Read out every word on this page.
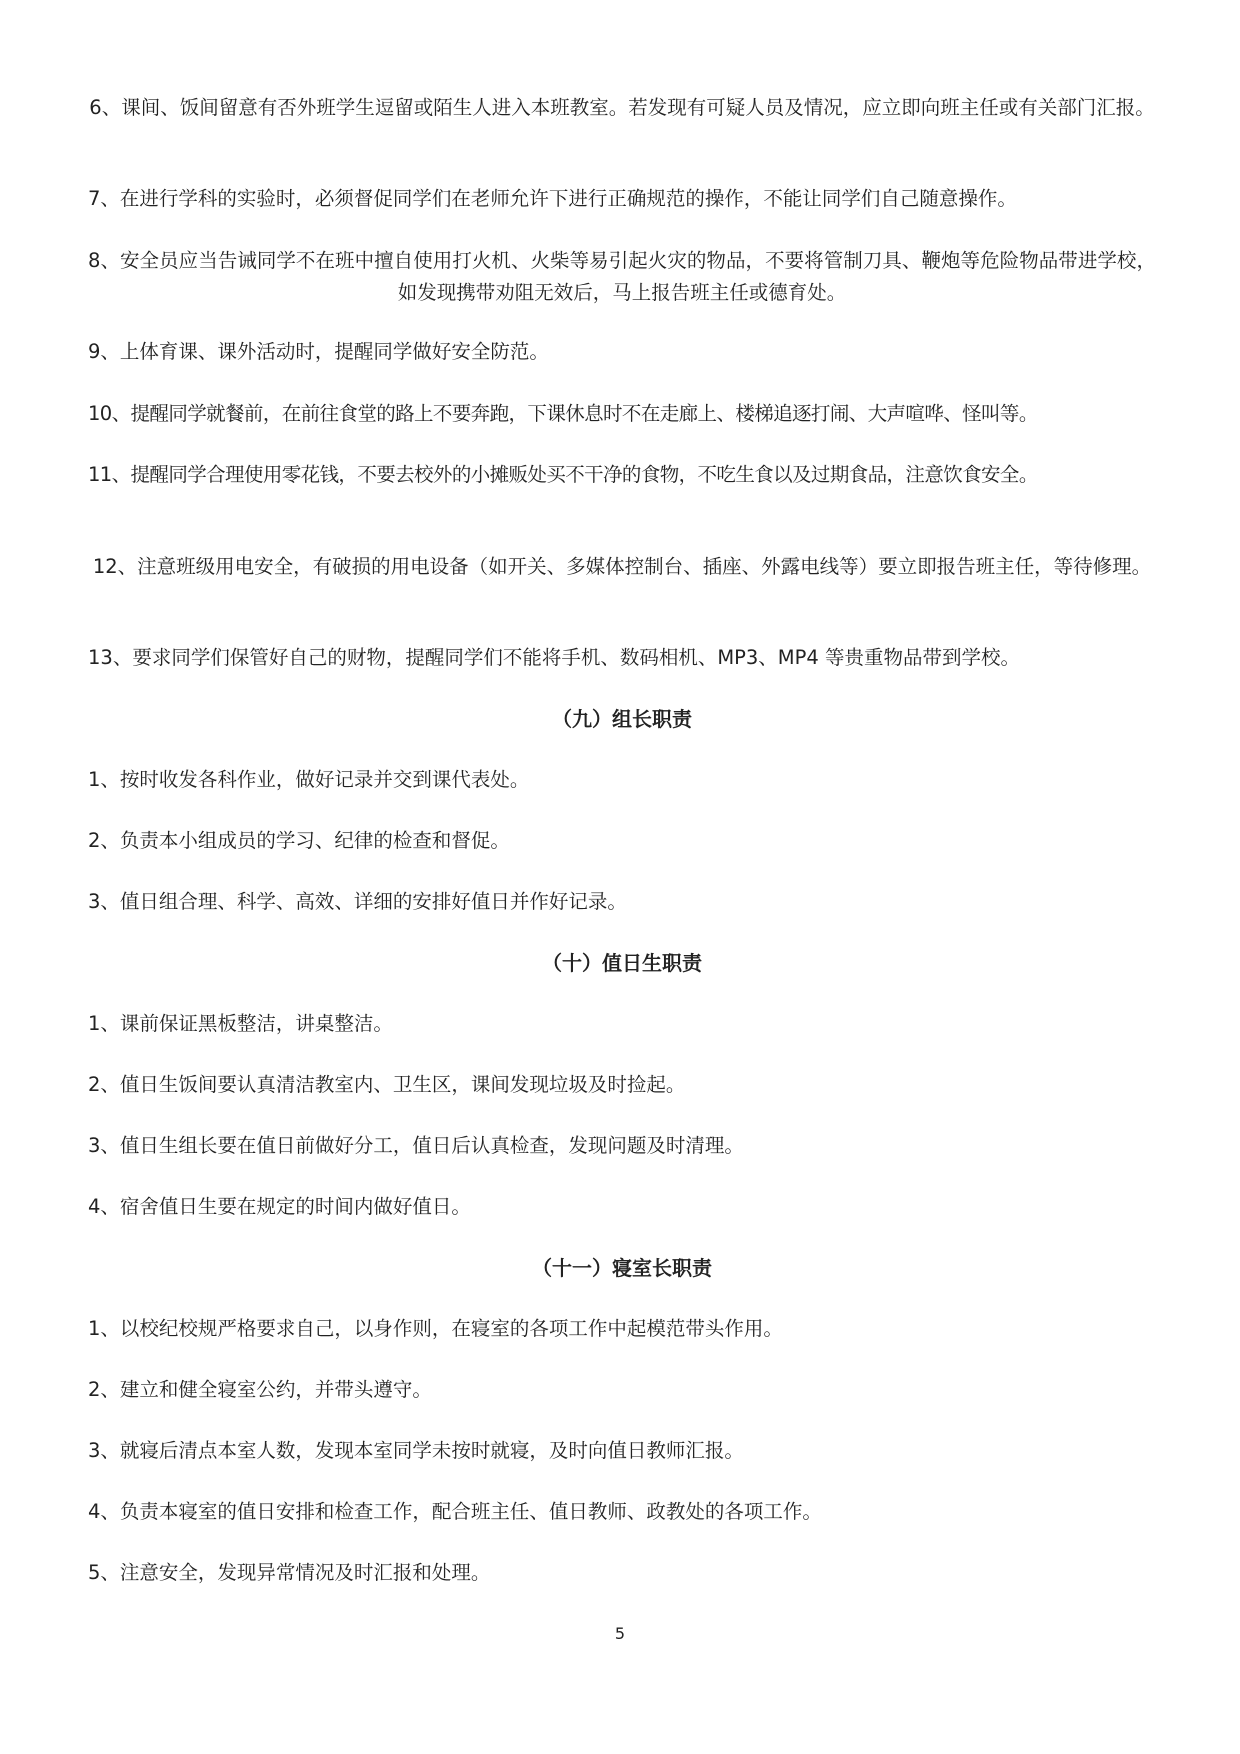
6、课间、饭间留意有否外班学生逗留或陌生人进入本班教室。若发现有可疑人员及情况，应立即向班主任或有关部门汇报。

7、在进行学科的实验时，必须督促同学们在老师允许下进行正确规范的操作，不能让同学们自己随意操作。

8、安全员应当告诫同学不在班中擅自使用打火机、火柴等易引起火灾的物品，不要将管制刀具、鞭炮等危险物品带进学校，如发现携带劝阻无效后，马上报告班主任或德育处。

9、上体育课、课外活动时，提醒同学做好安全防范。

10、提醒同学就餐前，在前往食堂的路上不要奔跑，下课休息时不在走廊上、楼梯追逐打闹、大声喧哗、怪叫等。

11、提醒同学合理使用零花钱，不要去校外的小摊贩处买不干净的食物，不吃生食以及过期食品，注意饮食安全。

12、注意班级用电安全，有破损的用电设备（如开关、多媒体控制台、插座、外露电线等）要立即报告班主任，等待修理。

13、要求同学们保管好自己的财物，提醒同学们不能将手机、数码相机、MP3、MP4 等贵重物品带到学校。

（九）组长职责

1、按时收发各科作业，做好记录并交到课代表处。

2、负责本小组成员的学习、纪律的检查和督促。

3、值日组合理、科学、高效、详细的安排好值日并作好记录。

（十）值日生职责

1、课前保证黑板整洁，讲桌整洁。

2、值日生饭间要认真清洁教室内、卫生区，课间发现垃圾及时捡起。

3、值日生组长要在值日前做好分工，值日后认真检查，发现问题及时清理。

4、宿舍值日生要在规定的时间内做好值日。

（十一）寝室长职责

1、以校纪校规严格要求自己，以身作则，在寝室的各项工作中起模范带头作用。

2、建立和健全寝室公约，并带头遵守。

3、就寝后清点本室人数，发现本室同学未按时就寝，及时向值日教师汇报。

4、负责本寝室的值日安排和检查工作，配合班主任、值日教师、政教处的各项工作。

5、注意安全，发现异常情况及时汇报和处理。

5
